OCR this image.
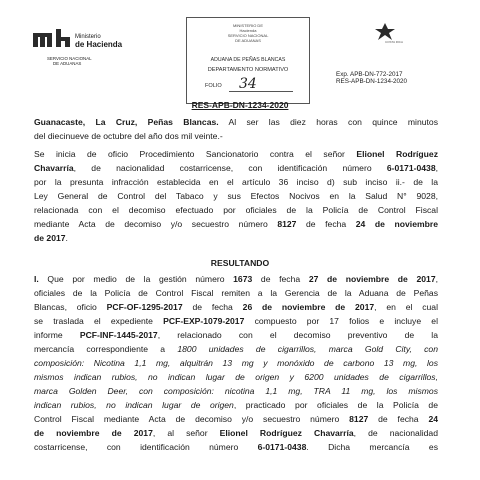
Ministerio
de Hacienda
SERVICIO NACIONAL
DE ADUANAS
MINISTERIO DE
Hacienda
SERVICIO NACIONAL
DE ADUANAS
ADUANA DE PEÑAS BLANCAS
DEPARTAMENTO NORMATIVO
FOLIO 34
COSTA RICA
Exp. APB-DN-772-2017
RES-APB-DN-1234-2020
RES-APB-DN-1234-2020
Guanacaste, La Cruz, Peñas Blancas. Al ser las diez horas con quince minutos
del diecinueve de octubre del año dos mil veinte.-
Se inicia de oficio Procedimiento Sancionatorio contra el señor Elionel Rodríguez
Chavarría, de nacionalidad costarricense, con identificación número 6-0171-0438,
por la presunta infracción establecida en el artículo 36 inciso d) sub inciso ii.- de la
Ley General de Control del Tabaco y sus Efectos Nocivos en la Salud N° 9028,
relacionada con el decomiso efectuado por oficiales de la Policía de Control Fiscal
mediante Acta de decomiso y/o secuestro número 8127 de fecha 24 de noviembre
de 2017.
RESULTANDO
I. Que por medio de la gestión número 1673 de fecha 27 de noviembre de 2017,
oficiales de la Policía de Control Fiscal remiten a la Gerencia de la Aduana de Peñas
Blancas, oficio PCF-OF-1295-2017 de fecha 26 de noviembre de 2017, en el cual
se traslada el expediente PCF-EXP-1079-2017 compuesto por 17 folios e incluye el
informe PCF-INF-1445-2017, relacionado con el decomiso preventivo de la
mercancía correspondiente a 1800 unidades de cigarrillos, marca Gold City, con
composición: Nicotina 1,1 mg, alquitrán 13 mg y monóxido de carbono 13 mg, los
mismos indican rubios, no indican lugar de origen y 6200 unidades de cigarrillos,
marca Golden Deer, con composición: nicotina 1,1 mg, TRA 11 mg, los mismos
indican rubios, no indican lugar de origen, practicado por oficiales de la Policía de
Control Fiscal mediante Acta de decomiso y/o secuestro número 8127 de fecha 24
de noviembre de 2017, al señor Elionel Rodríguez Chavarría, de nacionalidad
costarricense, con identificación número 6-0171-0438. Dicha mercancía es
